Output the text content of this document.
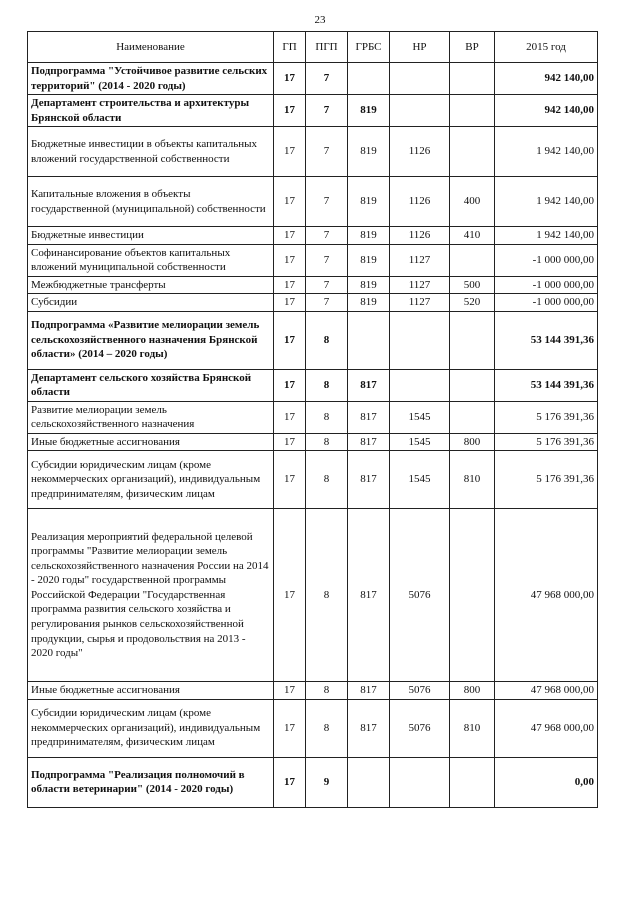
23
Наименование	ГП	ПГП	ГРБС	НР	ВР	2015 год
Подпрограмма "Устойчивое развитие сельских территорий" (2014 - 2020 годы)	17	7				942 140,00
Департамент строительства и архитектуры Брянской области	17	7	819			942 140,00
Бюджетные инвестиции в объекты капитальных вложений государственной собственности	17	7	819	1126		1 942 140,00
Капитальные вложения в объекты государственной (муниципальной) собственности	17	7	819	1126	400	1 942 140,00
Бюджетные инвестиции	17	7	819	1126	410	1 942 140,00
Софинансирование объектов капитальных вложений муниципальной собственности	17	7	819	1127		-1 000 000,00
Межбюджетные трансферты	17	7	819	1127	500	-1 000 000,00
Субсидии	17	7	819	1127	520	-1 000 000,00
Подпрограмма «Развитие мелиорации земель сельскохозяйственного назначения Брянской области» (2014 – 2020 годы)	17	8				53 144 391,36
Департамент сельского хозяйства Брянской области	17	8	817			53 144 391,36
Развитие мелиорации земель сельскохозяйственного назначения	17	8	817	1545		5 176 391,36
Иные бюджетные ассигнования	17	8	817	1545	800	5 176 391,36
Субсидии юридическим лицам (кроме некоммерческих организаций), индивидуальным предпринимателям, физическим лицам	17	8	817	1545	810	5 176 391,36
Реализация мероприятий федеральной целевой программы "Развитие мелиорации земель сельскохозяйственного назначения России на 2014 - 2020 годы" государственной программы Российской Федерации "Государственная программа развития сельского хозяйства и регулирования рынков сельскохозяйственной продукции, сырья и продовольствия на 2013 - 2020 годы"	17	8	817	5076		47 968 000,00
Иные бюджетные ассигнования	17	8	817	5076	800	47 968 000,00
Субсидии юридическим лицам (кроме некоммерческих организаций), индивидуальным предпринимателям, физическим лицам	17	8	817	5076	810	47 968 000,00
Подпрограмма "Реализация полномочий в области ветеринарии" (2014 - 2020 годы)	17	9				0,00
